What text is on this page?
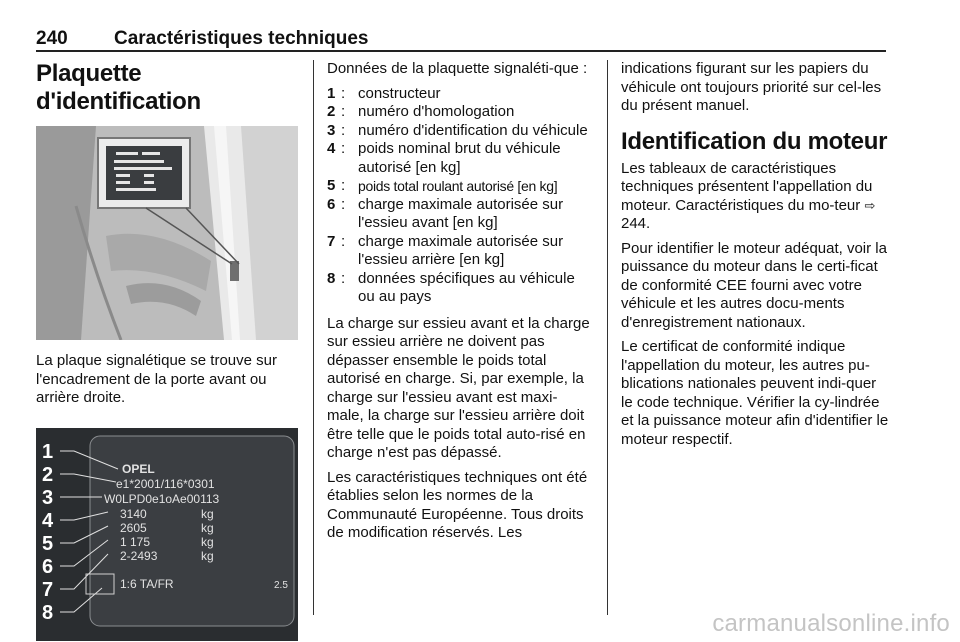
240 Caractéristiques techniques
Plaquette d'identification

La plaque signalétique se trouve sur l'encadrement de la porte avant ou arrière droite.

1
2
3
4
5
6
7
8
OPEL
e1*2001/116*0301
W0LPD0e1oAe00113
3140
2605
1 175
2-2493
kg
kg
kg
kg
1:6 TA/FR	2.5

Données de la plaquette signaléti-que :

1 : constructeur
2 : numéro d'homologation
3 : numéro d'identification du véhicule
4 : poids nominal brut du véhicule autorisé [en kg]
5 : poids total roulant autorisé [en kg]
6 : charge maximale autorisée sur l'essieu avant [en kg]
7 : charge maximale autorisée sur l'essieu arrière [en kg]
8 : données spécifiques au véhicule ou au pays

La charge sur essieu avant et la charge sur essieu arrière ne doivent pas dépasser ensemble le poids total autorisé en charge. Si, par exemple, la charge sur l'essieu avant est maxi-male, la charge sur l'essieu arrière doit être telle que le poids total auto-risé en charge n'est pas dépassé.

Les caractéristiques techniques ont été établies selon les normes de la Communauté Européenne. Tous droits de modification réservés. Les

indications figurant sur les papiers du véhicule ont toujours priorité sur cel-les du présent manuel.

Identification du moteur

Les tableaux de caractéristiques techniques présentent l'appellation du moteur. Caractéristiques du mo-teur ⇨ 244.

Pour identifier le moteur adéquat, voir la puissance du moteur dans le certi-ficat de conformité CEE fourni avec votre véhicule et les autres docu-ments d'enregistrement nationaux.

Le certificat de conformité indique l'appellation du moteur, les autres pu-blications nationales peuvent indi-quer le code technique. Vérifier la cy-lindrée et la puissance moteur afin d'identifier le moteur respectif.

carmanualsonline.info
